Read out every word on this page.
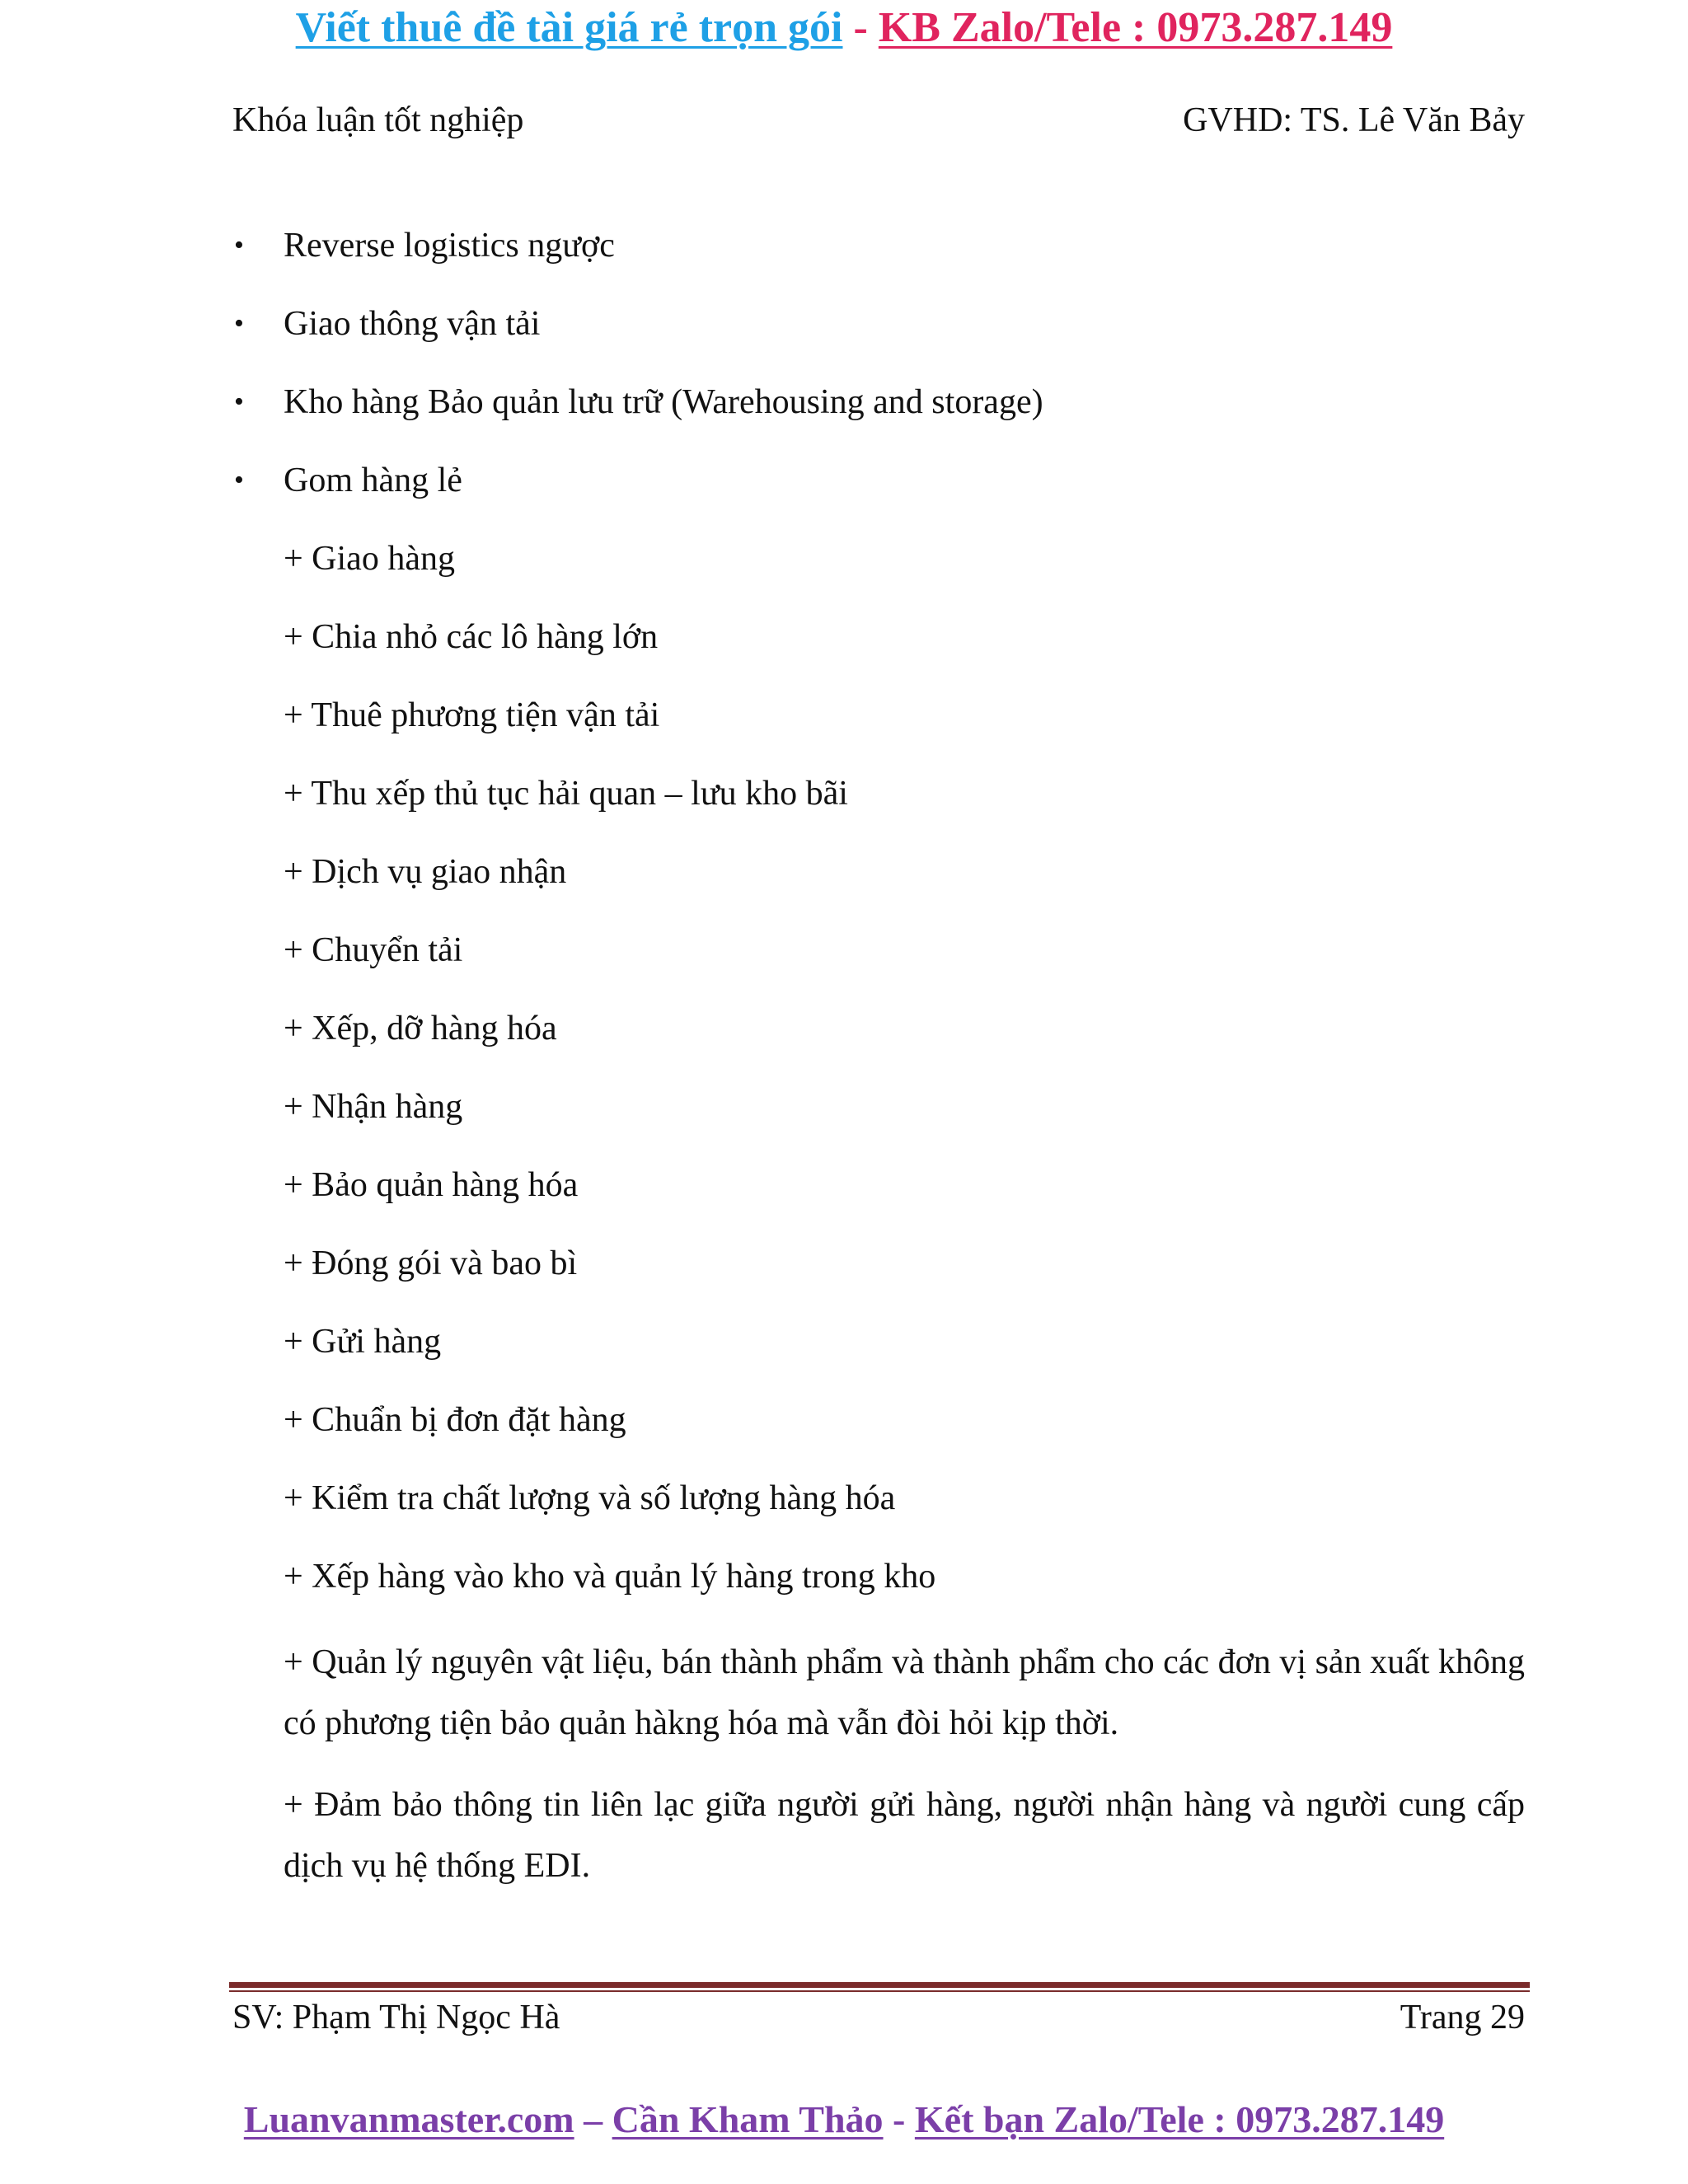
Viết thuê đề tài giá rẻ trọn gói - KB Zalo/Tele : 0973.287.149
Khóa luận tốt nghiệp	GVHD: TS. Lê Văn Bảy
• Reverse logistics ngược
• Giao thông vận tải
• Kho hàng Bảo quản lưu trữ (Warehousing and storage)
• Gom hàng lẻ
+ Giao hàng
+ Chia nhỏ các lô hàng lớn
+ Thuê phương tiện vận tải
+ Thu xếp thủ tục hải quan – lưu kho bãi
+ Dịch vụ giao nhận
+ Chuyển tải
+ Xếp, dỡ hàng hóa
+ Nhận hàng
+ Bảo quản hàng hóa
+ Đóng gói và bao bì
+ Gửi hàng
+ Chuẩn bị đơn đặt hàng
+ Kiểm tra chất lượng và số lượng hàng hóa
+ Xếp hàng vào kho và quản lý hàng trong kho
+ Quản lý nguyên vật liệu, bán thành phẩm và thành phẩm cho các đơn vị sản xuất không có phương tiện bảo quản hàkng hóa mà vẫn đòi hỏi kịp thời.
+ Đảm bảo thông tin liên lạc giữa người gửi hàng, người nhận hàng và người cung cấp dịch vụ hệ thống EDI.
SV: Phạm Thị Ngọc Hà	Trang 29
Luanvanmaster.com – Cần Kham Thảo - Kết bạn Zalo/Tele : 0973.287.149
